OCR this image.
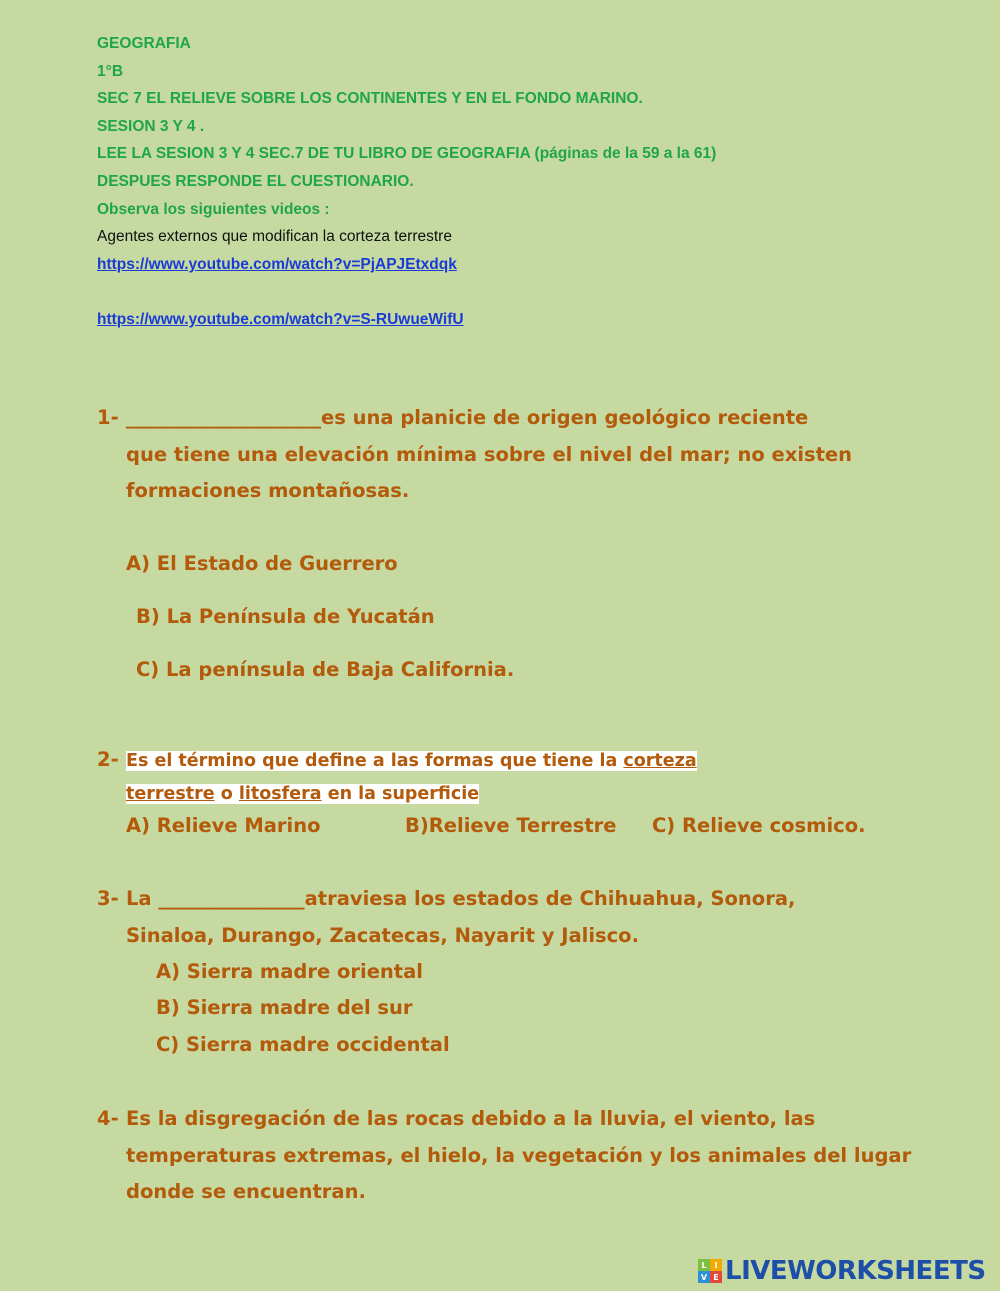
GEOGRAFIA
1°B
SEC 7 EL RELIEVE SOBRE LOS CONTINENTES Y EN EL FONDO MARINO.
SESION 3 Y 4 .
LEE LA SESION 3 Y 4 SEC.7 DE TU LIBRO DE GEOGRAFIA (páginas de la 59 a la 61)
DESPUES RESPONDE EL CUESTIONARIO.
Observa los siguientes videos :
Agentes externos que modifican la corteza terrestre
https://www.youtube.com/watch?v=PjAPJEtxdqk
https://www.youtube.com/watch?v=S-RUwueWifU
1- ____________________es una planicie de origen geológico reciente
que tiene una elevación mínima sobre el nivel del mar; no existen
formaciones montañosas.
A) El Estado de Guerrero
B) La Península de Yucatán
C) La península de Baja California.
2- Es el término que define a las formas que tiene la corteza
terrestre o litosfera en la superficie
A) Relieve Marino	B)Relieve Terrestre C) Relieve cosmico.
3- La _______________atraviesa los estados de Chihuahua, Sonora,
Sinaloa, Durango, Zacatecas, Nayarit y Jalisco.
A) Sierra madre oriental
B) Sierra madre del sur
C) Sierra madre occidental
4- Es la disgregación de las rocas debido a la lluvia, el viento, las
temperaturas extremas, el hielo, la vegetación y los animales del lugar
donde se encuentran.
L I
V E LIVEWORKSHEETS
